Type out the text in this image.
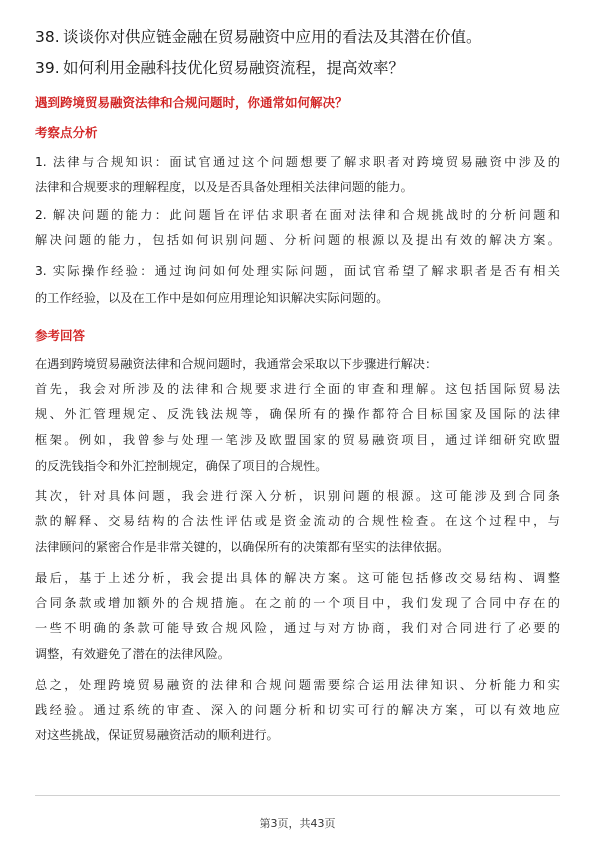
38. 谈谈你对供应链金融在贸易融资中应用的看法及其潜在价值。
39. 如何利用金融科技优化贸易融资流程，提高效率？
遇到跨境贸易融资法律和合规问题时，你通常如何解决？
考察点分析
1. 法律与合规知识：面试官通过这个问题想要了解求职者对跨境贸易融资中涉及的
法律和合规要求的理解程度，以及是否具备处理相关法律问题的能力。
2. 解决问题的能力：此问题旨在评估求职者在面对法律和合规挑战时的分析问题和
解决问题的能力，包括如何识别问题、分析问题的根源以及提出有效的解决方案。
3. 实际操作经验：通过询问如何处理实际问题，面试官希望了解求职者是否有相关
的工作经验，以及在工作中是如何应用理论知识解决实际问题的。
参考回答
在遇到跨境贸易融资法律和合规问题时，我通常会采取以下步骤进行解决：
首先，我会对所涉及的法律和合规要求进行全面的审查和理解。这包括国际贸易法
规、外汇管理规定、反洗钱法规等，确保所有的操作都符合目标国家及国际的法律
框架。例如，我曾参与处理一笔涉及欧盟国家的贸易融资项目，通过详细研究欧盟
的反洗钱指令和外汇控制规定，确保了项目的合规性。
其次，针对具体问题，我会进行深入分析，识别问题的根源。这可能涉及到合同条
款的解释、交易结构的合法性评估或是资金流动的合规性检查。在这个过程中，与
法律顾问的紧密合作是非常关键的，以确保所有的决策都有坚实的法律依据。
最后，基于上述分析，我会提出具体的解决方案。这可能包括修改交易结构、调整
合同条款或增加额外的合规措施。在之前的一个项目中，我们发现了合同中存在的
一些不明确的条款可能导致合规风险，通过与对方协商，我们对合同进行了必要的
调整，有效避免了潜在的法律风险。
总之，处理跨境贸易融资的法律和合规问题需要综合运用法律知识、分析能力和实
践经验。通过系统的审查、深入的问题分析和切实可行的解决方案，可以有效地应
对这些挑战，保证贸易融资活动的顺利进行。
第3页，共43页
